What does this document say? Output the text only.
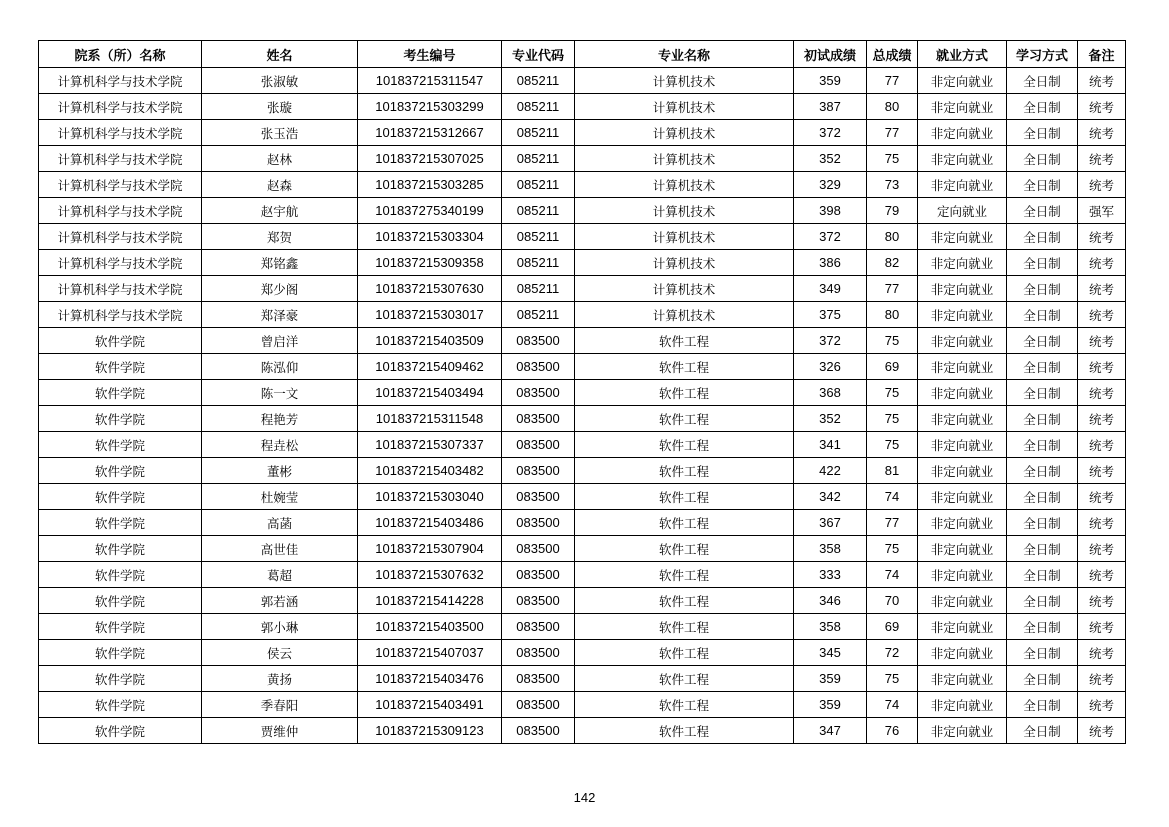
院系（所）名称	姓名	考生编号	专业代码	专业名称	初试成绩	总成绩	就业方式	学习方式	备注
计算机科学与技术学院	张淑敏	101837215311547	085211	计算机技术	359	77	非定向就业	全日制	统考
计算机科学与技术学院	张璇	101837215303299	085211	计算机技术	387	80	非定向就业	全日制	统考
计算机科学与技术学院	张玉浩	101837215312667	085211	计算机技术	372	77	非定向就业	全日制	统考
计算机科学与技术学院	赵林	101837215307025	085211	计算机技术	352	75	非定向就业	全日制	统考
计算机科学与技术学院	赵森	101837215303285	085211	计算机技术	329	73	非定向就业	全日制	统考
计算机科学与技术学院	赵宇航	101837275340199	085211	计算机技术	398	79	定向就业	全日制	强军
计算机科学与技术学院	郑贺	101837215303304	085211	计算机技术	372	80	非定向就业	全日制	统考
计算机科学与技术学院	郑铭鑫	101837215309358	085211	计算机技术	386	82	非定向就业	全日制	统考
计算机科学与技术学院	郑少阁	101837215307630	085211	计算机技术	349	77	非定向就业	全日制	统考
计算机科学与技术学院	郑泽豪	101837215303017	085211	计算机技术	375	80	非定向就业	全日制	统考
软件学院	曾启洋	101837215403509	083500	软件工程	372	75	非定向就业	全日制	统考
软件学院	陈泓仰	101837215409462	083500	软件工程	326	69	非定向就业	全日制	统考
软件学院	陈一文	101837215403494	083500	软件工程	368	75	非定向就业	全日制	统考
软件学院	程艳芳	101837215311548	083500	软件工程	352	75	非定向就业	全日制	统考
软件学院	程垚松	101837215307337	083500	软件工程	341	75	非定向就业	全日制	统考
软件学院	董彬	101837215403482	083500	软件工程	422	81	非定向就业	全日制	统考
软件学院	杜婉莹	101837215303040	083500	软件工程	342	74	非定向就业	全日制	统考
软件学院	高菡	101837215403486	083500	软件工程	367	77	非定向就业	全日制	统考
软件学院	高世佳	101837215307904	083500	软件工程	358	75	非定向就业	全日制	统考
软件学院	葛超	101837215307632	083500	软件工程	333	74	非定向就业	全日制	统考
软件学院	郭若涵	101837215414228	083500	软件工程	346	70	非定向就业	全日制	统考
软件学院	郭小琳	101837215403500	083500	软件工程	358	69	非定向就业	全日制	统考
软件学院	侯云	101837215407037	083500	软件工程	345	72	非定向就业	全日制	统考
软件学院	黄扬	101837215403476	083500	软件工程	359	75	非定向就业	全日制	统考
软件学院	季春阳	101837215403491	083500	软件工程	359	74	非定向就业	全日制	统考
软件学院	贾维仲	101837215309123	083500	软件工程	347	76	非定向就业	全日制	统考
142
